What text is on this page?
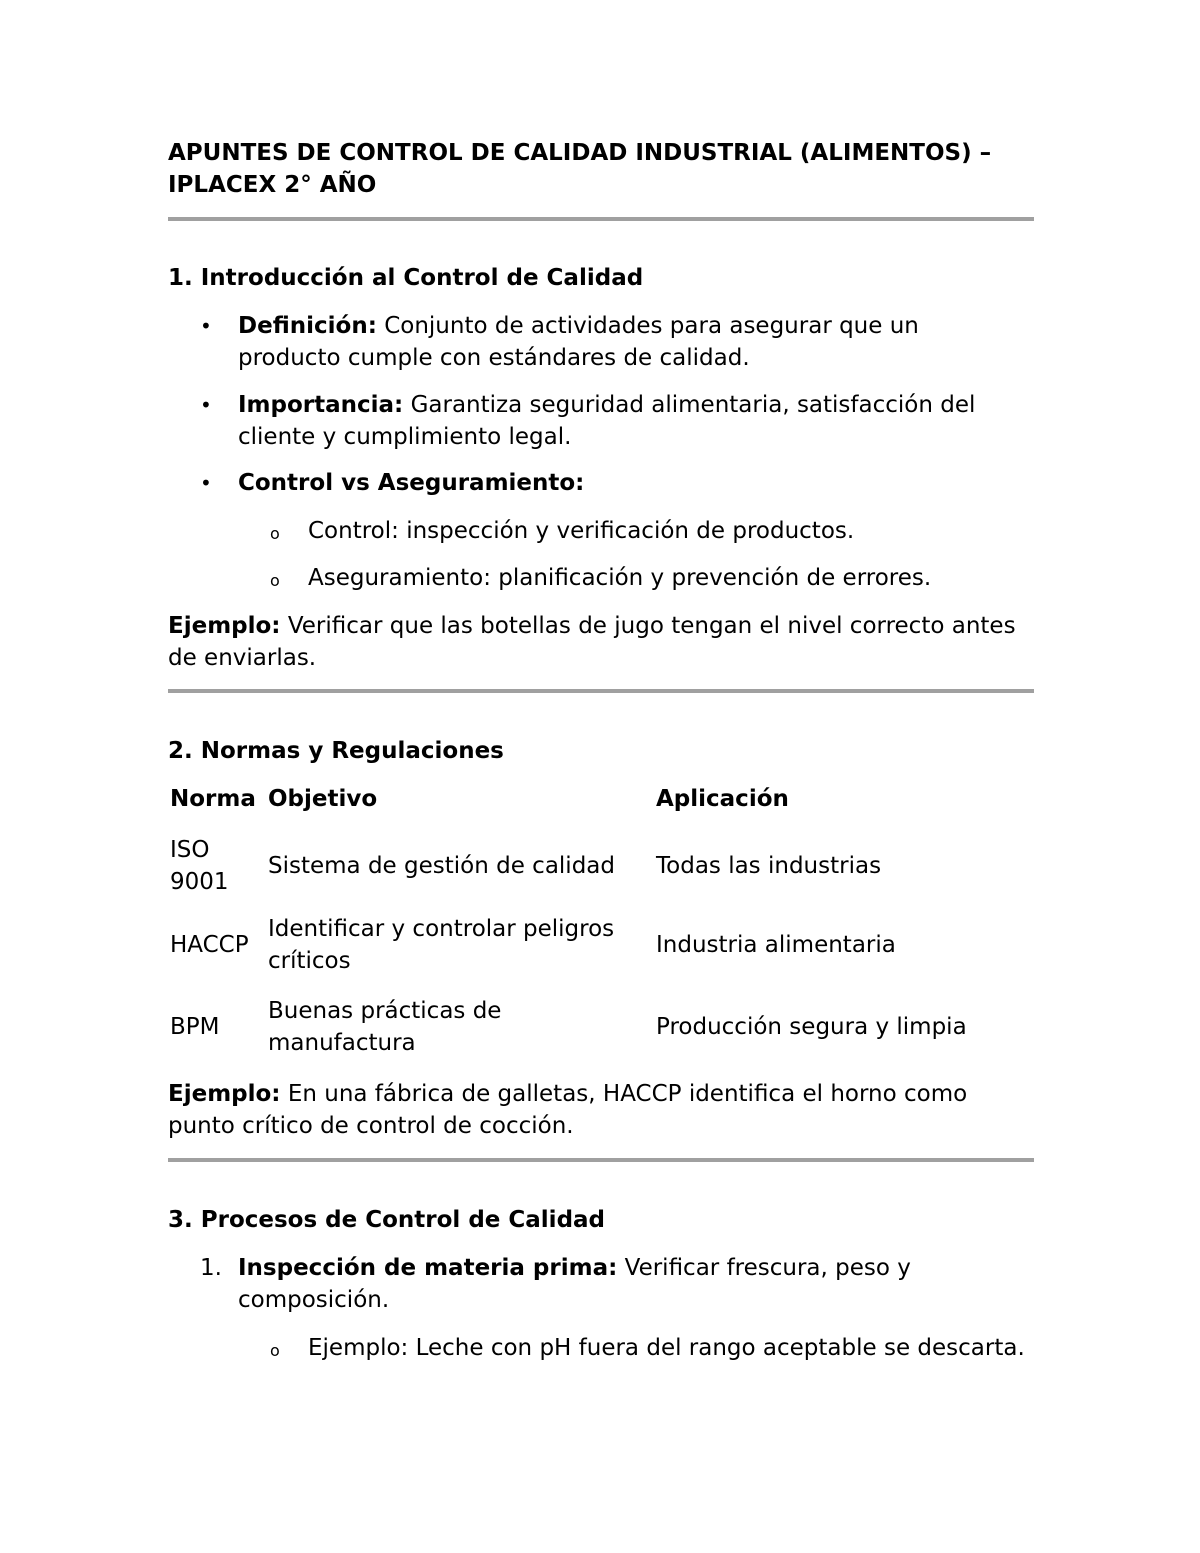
APUNTES DE CONTROL DE CALIDAD INDUSTRIAL (ALIMENTOS) –
IPLACEX 2° AÑO
1. Introducción al Control de Calidad
• Definición: Conjunto de actividades para asegurar que un producto cumple con estándares de calidad.
• Importancia: Garantiza seguridad alimentaria, satisfacción del cliente y cumplimiento legal.
• Control vs Aseguramiento:
o Control: inspección y verificación de productos.
o Aseguramiento: planificación y prevención de errores.

Ejemplo: Verificar que las botellas de jugo tengan el nivel correcto antes de enviarlas.

2. Normas y Regulaciones
Norma	Objetivo	Aplicación
ISO 9001	Sistema de gestión de calidad	Todas las industrias
HACCP	Identificar y controlar peligros críticos	Industria alimentaria
BPM	Buenas prácticas de manufactura	Producción segura y limpia

Ejemplo: En una fábrica de galletas, HACCP identifica el horno como punto crítico de control de cocción.

3. Procesos de Control de Calidad
1. Inspección de materia prima: Verificar frescura, peso y composición.
o Ejemplo: Leche con pH fuera del rango aceptable se descarta.
